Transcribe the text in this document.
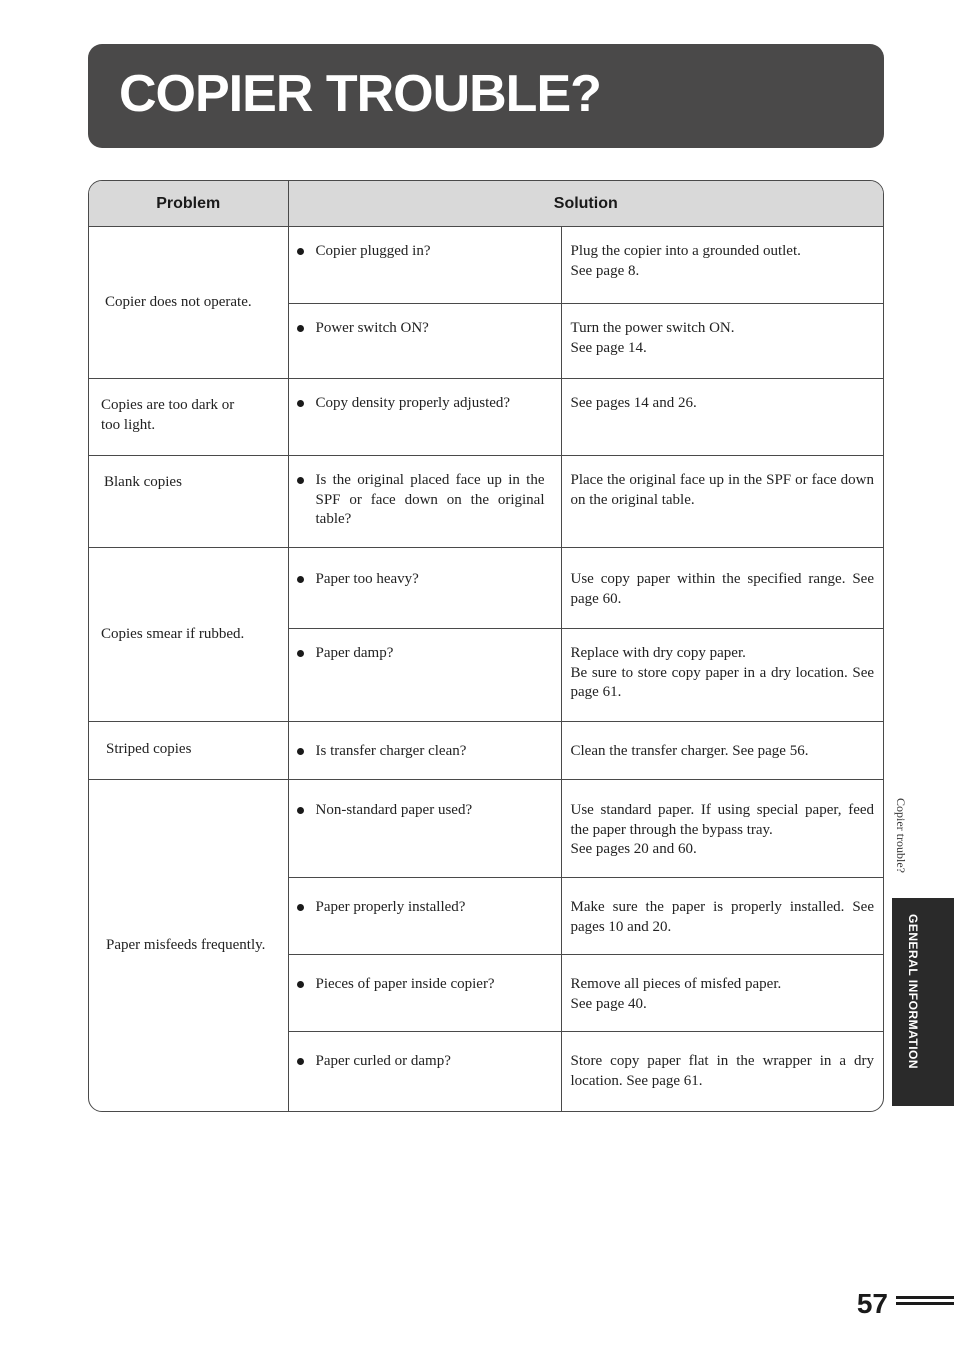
COPIER TROUBLE?
Problem	Solution	
Copier does not operate.	Copier plugged in?	Plug the copier into a grounded outlet.
See page 8.

	Power switch ON?	Turn the power switch ON.
See page 14.

Copies are too dark or too light.	Copy density properly adjusted?	See pages 14 and 26.

Blank copies	Is the original placed face up in the SPF or face down on the original table?	Place the original face up in the SPF or face down on the original table.

Copies smear if rubbed.	Paper too heavy?	Use copy paper within the specified range. See page 60.

	Paper damp?	Replace with dry copy paper.
Be sure to store copy paper in a dry location. See page 61.

Striped copies	Is transfer charger clean?	Clean the transfer charger. See page 56.

Paper misfeeds frequently.	Non-standard paper used?	Use standard paper. If using special paper, feed the paper through the bypass tray.
See pages 20 and 60.

	Paper properly installed?	Make sure the paper is properly installed. See pages 10 and 20.

	Pieces of paper inside copier?	Remove all pieces of misfed paper.
See page 40.

	Paper curled or damp?	Store copy paper flat in the wrapper in a dry location. See page 61.
Copier trouble?
GENERAL INFORMATION
57
